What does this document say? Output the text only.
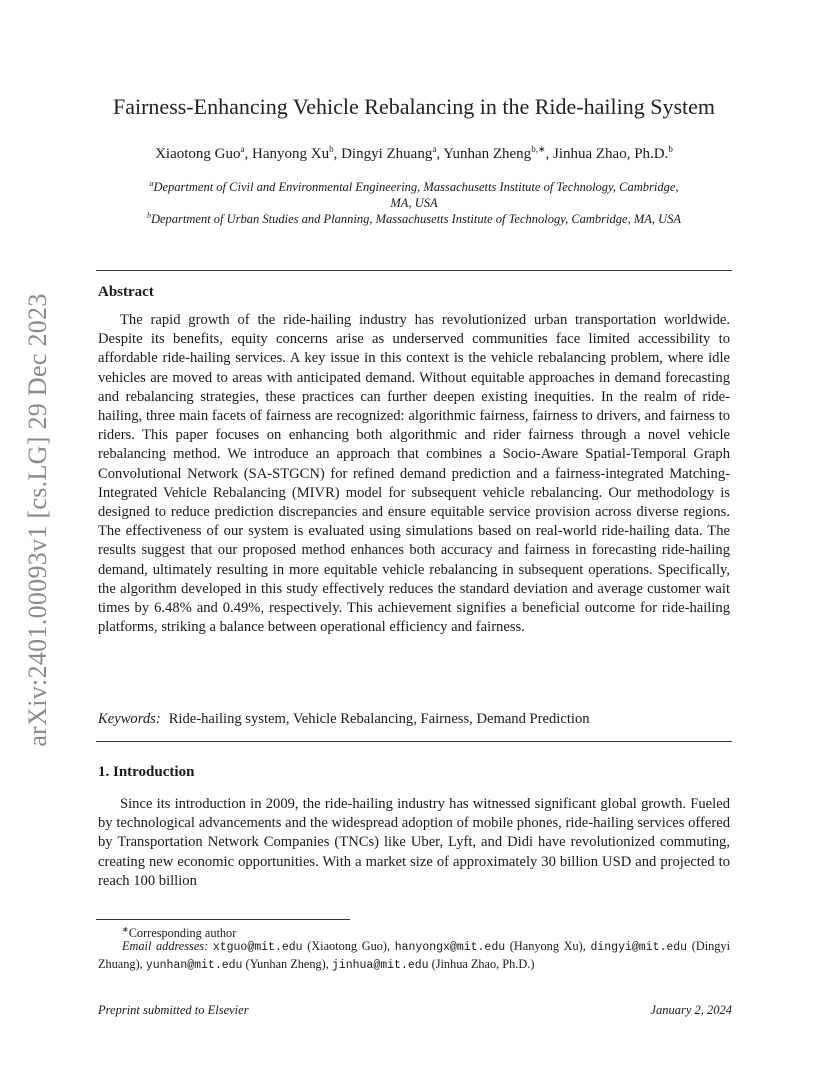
arXiv:2401.00093v1 [cs.LG] 29 Dec 2023
Fairness-Enhancing Vehicle Rebalancing in the Ride-hailing System
Xiaotong Guo$^a$, Hanyong Xu$^b$, Dingyi Zhuang$^a$, Yunhan Zheng$^{b,∗}$, Jinhua Zhao, Ph.D.$^b$
$^a$Department of Civil and Environmental Engineering, Massachusetts Institute of Technology, Cambridge,
MA, USA
$^b$Department of Urban Studies and Planning, Massachusetts Institute of Technology, Cambridge, MA, USA
Abstract

The rapid growth of the ride-hailing industry has revolutionized urban transportation worldwide. Despite its benefits, equity concerns arise as underserved communities face limited accessibility to affordable ride-hailing services. A key issue in this context is the vehicle rebalancing problem, where idle vehicles are moved to areas with anticipated demand. Without equitable approaches in demand forecasting and rebalancing strategies, these practices can further deepen existing inequities. In the realm of ride-hailing, three main facets of fairness are recognized: algorithmic fairness, fairness to drivers, and fairness to riders. This paper focuses on enhancing both algorithmic and rider fairness through a novel vehicle rebalancing method. We introduce an approach that combines a Socio-Aware Spatial-Temporal Graph Convolutional Network (SA-STGCN) for refined demand prediction and a fairness-integrated Matching-Integrated Vehicle Rebalancing (MIVR) model for subsequent vehicle rebalancing. Our methodology is designed to reduce prediction discrepancies and ensure equitable service provision across diverse regions. The effectiveness of our system is evaluated using simulations based on real-world ride-hailing data. The results suggest that our proposed method enhances both accuracy and fairness in forecasting ride-hailing demand, ultimately resulting in more equitable vehicle rebalancing in subsequent operations. Specifically, the algorithm developed in this study effectively reduces the standard deviation and average customer wait times by 6.48% and 0.49%, respectively. This achievement signifies a beneficial outcome for ride-hailing platforms, striking a balance between operational efficiency and fairness.

Keywords: Ride-hailing system, Vehicle Rebalancing, Fairness, Demand Prediction
1. Introduction

Since its introduction in 2009, the ride-hailing industry has witnessed significant global growth. Fueled by technological advancements and the widespread adoption of mobile phones, ride-hailing services offered by Transportation Network Companies (TNCs) like Uber, Lyft, and Didi have revolutionized commuting, creating new economic opportunities. With a market size of approximately 30 billion USD and projected to reach 100 billion

∗Corresponding author
Email addresses: xtguo@mit.edu (Xiaotong Guo), hanyongx@mit.edu (Hanyong Xu), dingyi@mit.edu (Dingyi Zhuang), yunhan@mit.edu (Yunhan Zheng), jinhua@mit.edu (Jinhua Zhao, Ph.D.)
Preprint submitted to Elsevier	January 2, 2024
